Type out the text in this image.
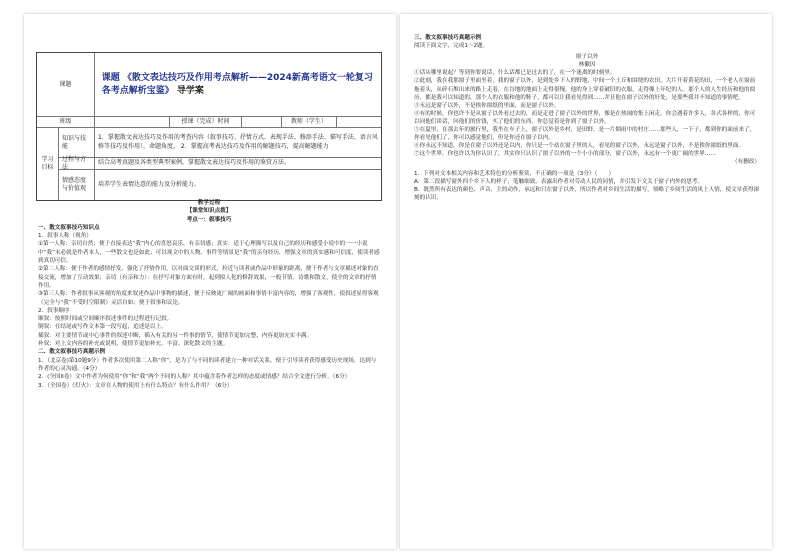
课题
课题 《散文表达技巧及作用考点解析——2024新高考语文一轮复习各考点解析宝鉴》 导学案
班级	授课（完成）时间	教师（学生）
学习目标
知识与技能
1．掌握散文表达技巧及作用的考查内容（叙事技巧、抒情方式、表现手法、修辞手法、描写手法、语言风格等技巧及作用），命题角度。 2．掌握高考表达技巧及作用的解题技巧，提高解题能力
过程与方法
结合高考真题及各类型典型案例，掌握散文表达技巧及作用的鉴赏方法。
情感态度与价值观
培养学生表情达意的能力及分析能力。

教学过程

【课堂知识点拨】

考点一：叙事技巧

一、散文叙事技巧知识点

1．叙事人称（视角）

①第一人称：亲切自然；便于直接表达“我”内心的喜怒哀乐，有亲切感；真实：适于心理描写以及自己的经历和感受小说中的一一小说中“我”未必就是作者本人，一些散文也是如此；可以现文中的人物、事件等情景是“我”的亲身经历，增强文章的真实感和可信度，使读者感到真切可信。

②第二人称：便于作者的感情抒发，强化了抒情作用，以对面交谈的形式，拉近与读者或作品中形象的距离，便于作者与文章描述对象的直接交流，增加了互动效果；亲切（有亲和力）：在抒写对象方面有时，起到拟人化的修辞效果，一般节情、诗歌和散文，使全的文章的抒情作用。

③第三人称：作者叙事从客观的角度来叙述作品中事物的描述，便于反映更广阔的画面和事情丰富内容的，增强了客观性，使叙述显得客观（完全与“我”不受时空限制）灵活自如；便于叙事和议论。

2．叙事顺序

顺叙：按照时间或空间顺序叙述事件的过程进行记叙。

倒叙：在结尾或写作文本第一段写起，追述是以上。

插叙：对主要情节或中心事件的叙述中断，插入有关的另一件事的情节，使情节更加完整，内容更加充实丰满。

补叙：对上文内容的补充或说明，使情节更加补充、丰富、深化散文的主题。

二、散文叙事技巧真题示例

1．（北京卷)第10题9分）作者多次使用第二人称“你”，是为了与不同的读者建立一种对话关系，便于引导读者获得感受历史现场，达到与作者的心灵沟通。（4分）

2．(全国II卷）文中作者为何使用“你”和“我”两个不同的人称？其中蕴含着作者怎样的态度或情感？结合全文进行分析。（6分）

3．（全国卷）《灯火》：文章在人物的使用上有什么特点？有什么作用？（6分）

三、散文叙事技巧真题示例

阅读下面文字，完成1～2题。

窗子以外

林徽因

①话从哪里说起？等到你要说话，什么话都已是过去的了，在一个迷离的时刻里。

②此刻，我在我那窗子里面坐着，我的窗子以外，是到处乡下人的野地，中间一个土丘和围绕的农田，大片开着黄花的田，一个老人在窗前拖着头，从碎石堆出来的路上走着，在谷地的地面上走得很慢，他的身上穿着破旧的衣服，走得像上年纪的人。那个人的人生经历和他的阅历，都是我可以知道的，那个人的衣服和他的鞋子，都可以让我看见得到……并且他在窗子以外的好处，是那些我并不知道的事情吧。

③永远是窗子以外，不是挨你窗纸的里面，而是窗子以外。

④有的时候，你也许不是从窗子以外看过去的，而是走进了窗子以外的世界，像是在热闹的集上闲走，你会遇着许多人，各式各样的，你可以同他们谈话，问他们的价钱，买了他们的东西，你总觉着是你到了窗子以外。

⑤在夏里，在那去年的旅行里，我坐在车子上，窗子以外是乡村，是田野，是一片烟雨中的村庄……那些人，一下子，都到你的面前来了，你看见他们了，你可以感觉他们，但是你还在窗子以内。

⑥你永远不知道，你是在窗子以外还是以内，你只是一个站在窗子里的人，看见的窗子以外，永远是窗子以外，不是挨你窗纸的里面。

⑦这个世界，你也许以为你认识了，其实你只认识了窗子以外的一个小小的部分，窗子以外，永远有一个更广阔的世界……

（有删改）

1．下列对文本相关内容和艺术特色的分析鉴赏，不正确的一项是（3分）（　　）

A．第二段描写窗外四个乡下人的样子，笔触细致，表露出作者对劳动人民的同情，并引发下文关于窗子内外的思考。

B．既然所有表达的颜色、声音、主的动作，承远和只在窗子以外，所以作者对乡间生活的描写，领略了乡间生活的风土人情，使文章获得深刻的认识。
